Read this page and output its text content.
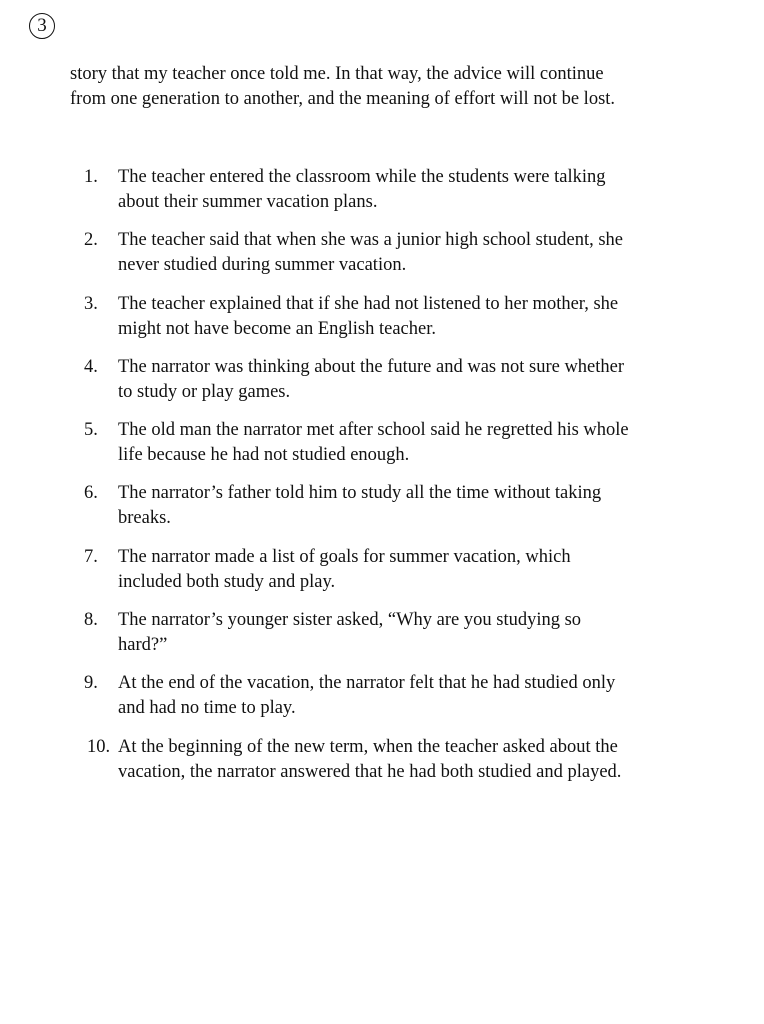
3
story that my teacher once told me. In that way, the advice will continue
from one generation to another, and the meaning of effort will not be lost.
1.	The teacher entered the classroom while the students were talking
about their summer vacation plans.
2.	The teacher said that when she was a junior high school student, she
never studied during summer vacation.
3.	The teacher explained that if she had not listened to her mother, she
might not have become an English teacher.
4.	The narrator was thinking about the future and was not sure whether
to study or play games.
5.	The old man the narrator met after school said he regretted his whole
life because he had not studied enough.
6.	The narrator’s father told him to study all the time without taking
breaks.
7.	The narrator made a list of goals for summer vacation, which
included both study and play.
8.	The narrator’s younger sister asked, “Why are you studying so
hard?”
9.	At the end of the vacation, the narrator felt that he had studied only
and had no time to play.
10. At the beginning of the new term, when the teacher asked about the
vacation, the narrator answered that he had both studied and played.
